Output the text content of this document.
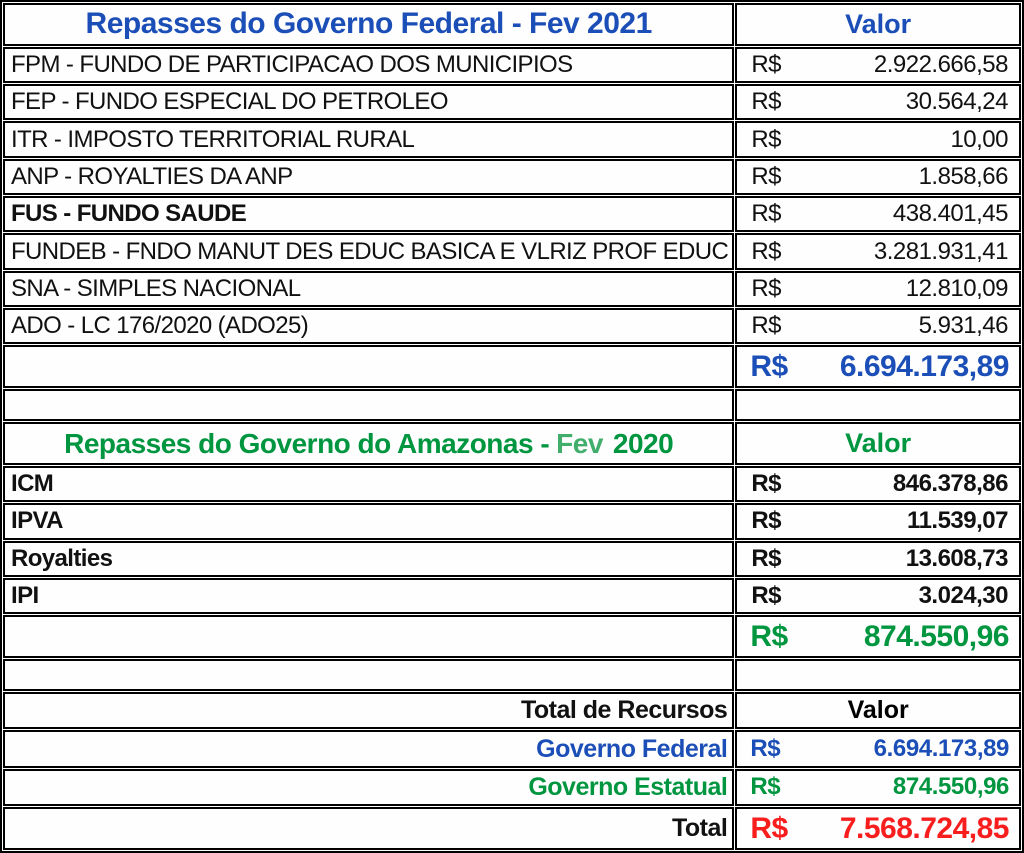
Repasses do Governo Federal - Fev 2021	Valor
FPM - FUNDO DE PARTICIPACAO DOS MUNICIPIOS	R$ 2.922.666,58

FEP - FUNDO ESPECIAL DO PETROLEO	R$ 30.564,24

ITR - IMPOSTO TERRITORIAL RURAL	R$ 10,00

ANP - ROYALTIES DA ANP	R$ 1.858,66

FUS - FUNDO SAUDE	R$ 438.401,45

FUNDEB - FNDO MANUT DES EDUC BASICA E VLRIZ PROF EDUC	R$ 3.281.931,41

SNA - SIMPLES NACIONAL	R$ 12.810,09

ADO - LC 176/2020 (ADO25)	R$ 5.931,46

	R$ 6.694.173,89

Repasses do Governo do Amazonas - Fev 2020	Valor
ICM	R$ 846.378,86

IPVA	R$ 11.539,07

Royalties	R$ 13.608,73

IPI	R$ 3.024,30

	R$ 874.550,96

Total de Recursos	Valor
Governo Federal	R$ 6.694.173,89

Governo Estatual	R$ 874.550,96

Total	R$ 7.568.724,85
